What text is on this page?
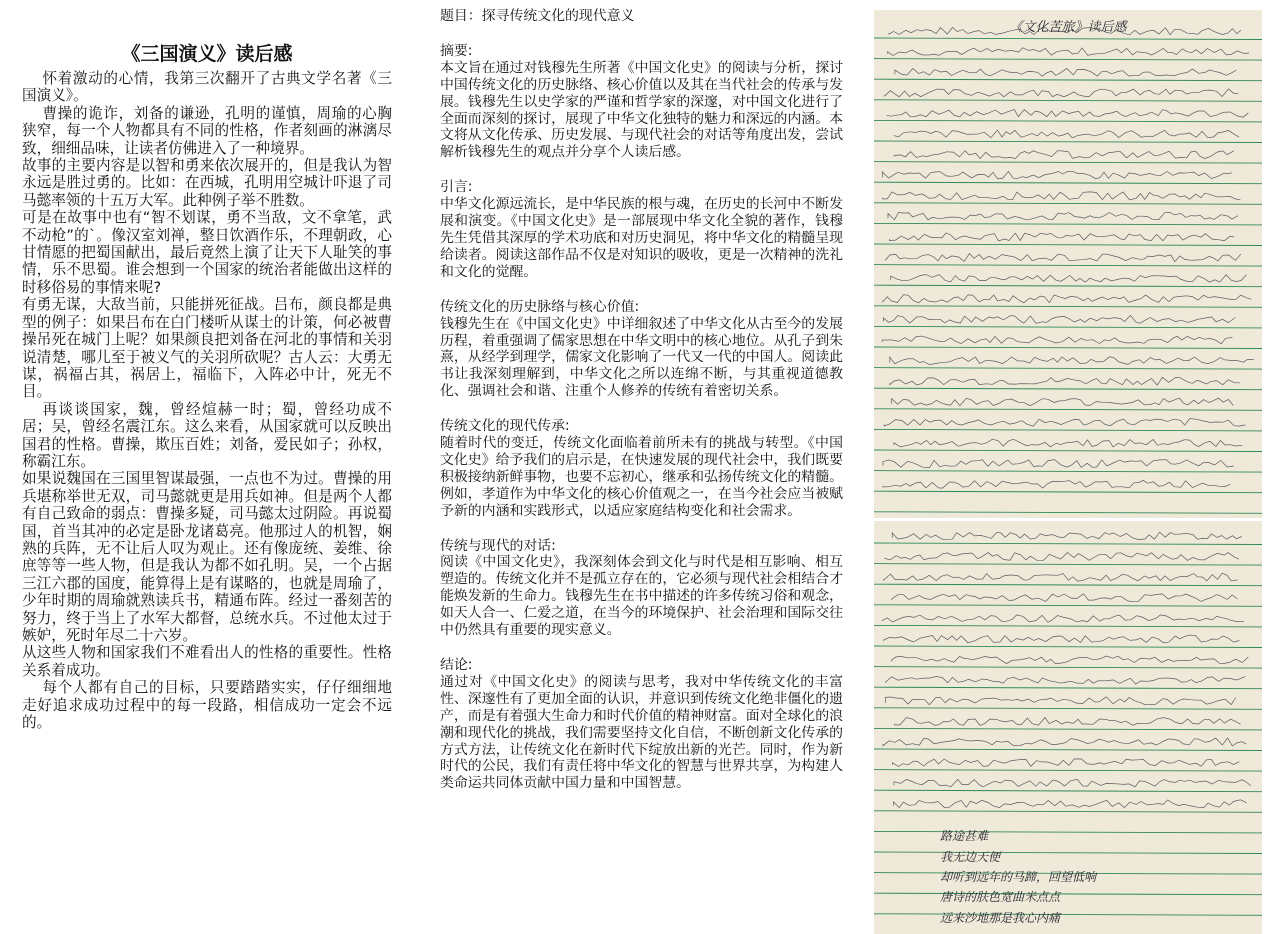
《三国演义》读后感

怀着激动的心情，我第三次翻开了古典文学名著《三国演义》。

曹操的诡诈，刘备的谦逊，孔明的谨慎，周瑜的心胸狭窄，每一个人物都具有不同的性格，作者刻画的淋漓尽致，细细品味，让读者仿佛进入了一种境界。

故事的主要内容是以智和勇来依次展开的，但是我认为智永远是胜过勇的。比如：在西城，孔明用空城计吓退了司马懿率领的十五万大军。此种例子举不胜数。

可是在故事中也有“智不划谋，勇不当敌，文不拿笔，武不动枪”的`。像汉室刘禅，整日饮酒作乐，不理朝政，心甘情愿的把蜀国献出，最后竟然上演了让天下人耻笑的事情，乐不思蜀。谁会想到一个国家的统治者能做出这样的时移俗易的事情来呢?

有勇无谋，大敌当前，只能拼死征战。吕布，颜良都是典型的例子：如果吕布在白门楼听从谋士的计策，何必被曹操吊死在城门上呢？如果颜良把刘备在河北的事情和关羽说清楚，哪儿至于被义气的关羽所砍呢？古人云：大勇无谋，祸福占其，祸居上，福临下，入阵必中计，死无不目。

再谈谈国家，魏，曾经煊赫一时；蜀，曾经功成不居；吴，曾经名震江东。这么来看，从国家就可以反映出国君的性格。曹操，欺压百姓；刘备，爱民如子；孙权，称霸江东。

如果说魏国在三国里智谋最强，一点也不为过。曹操的用兵堪称举世无双，司马懿就更是用兵如神。但是两个人都有自己致命的弱点：曹操多疑，司马懿太过阴险。再说蜀国，首当其冲的必定是卧龙诸葛亮。他那过人的机智，娴熟的兵阵，无不让后人叹为观止。还有像庞统、姜维、徐庶等等一些人物，但是我认为都不如孔明。吴，一个占据三江六郡的国度，能算得上是有谋略的，也就是周瑜了，少年时期的周瑜就熟读兵书，精通布阵。经过一番刻苦的努力，终于当上了水军大都督，总统水兵。不过他太过于嫉妒，死时年尽二十六岁。

从这些人物和国家我们不难看出人的性格的重要性。性格关系着成功。

每个人都有自己的目标，只要踏踏实实，仔仔细细地走好追求成功过程中的每一段路，相信成功一定会不远的。

题目：探寻传统文化的现代意义

摘要:

本文旨在通过对钱穆先生所著《中国文化史》的阅读与分析，探讨中国传统文化的历史脉络、核心价值以及其在当代社会的传承与发展。钱穆先生以史学家的严谨和哲学家的深邃，对中国文化进行了全面而深刻的探讨，展现了中华文化独特的魅力和深远的内涵。本文将从文化传承、历史发展、与现代社会的对话等角度出发，尝试解析钱穆先生的观点并分享个人读后感。

引言:

中华文化源远流长，是中华民族的根与魂，在历史的长河中不断发展和演变。《中国文化史》是一部展现中华文化全貌的著作，钱穆先生凭借其深厚的学术功底和对历史洞见，将中华文化的精髓呈现给读者。阅读这部作品不仅是对知识的吸收，更是一次精神的洗礼和文化的觉醒。

传统文化的历史脉络与核心价值:

钱穆先生在《中国文化史》中详细叙述了中华文化从古至今的发展历程，着重强调了儒家思想在中华文明中的核心地位。从孔子到朱熹，从经学到理学，儒家文化影响了一代又一代的中国人。阅读此书让我深刻理解到，中华文化之所以连绵不断，与其重视道德教化、强调社会和谐、注重个人修养的传统有着密切关系。

传统文化的现代传承:

随着时代的变迁，传统文化面临着前所未有的挑战与转型。《中国文化史》给予我们的启示是，在快速发展的现代社会中，我们既要积极接纳新鲜事物，也要不忘初心，继承和弘扬传统文化的精髓。例如，孝道作为中华文化的核心价值观之一，在当今社会应当被赋予新的内涵和实践形式，以适应家庭结构变化和社会需求。

传统与现代的对话:

阅读《中国文化史》，我深刻体会到文化与时代是相互影响、相互塑造的。传统文化并不是孤立存在的，它必须与现代社会相结合才能焕发新的生命力。钱穆先生在书中描述的许多传统习俗和观念，如天人合一、仁爱之道，在当今的环境保护、社会治理和国际交往中仍然具有重要的现实意义。

结论:

通过对《中国文化史》的阅读与思考，我对中华传统文化的丰富性、深邃性有了更加全面的认识，并意识到传统文化绝非僵化的遗产，而是有着强大生命力和时代价值的精神财富。面对全球化的浪潮和现代化的挑战，我们需要坚持文化自信，不断创新文化传承的方式方法，让传统文化在新时代下绽放出新的光芒。同时，作为新时代的公民，我们有责任将中华文化的智慧与世界共享，为构建人类命运共同体贡献中国力量和中国智慧。

《文化苦旅》读后感
路途甚难
我无边天便
却听到远年的马蹄，回望低响
唐诗的肤色宽曲米点点
远来沙地那是我心内痛
